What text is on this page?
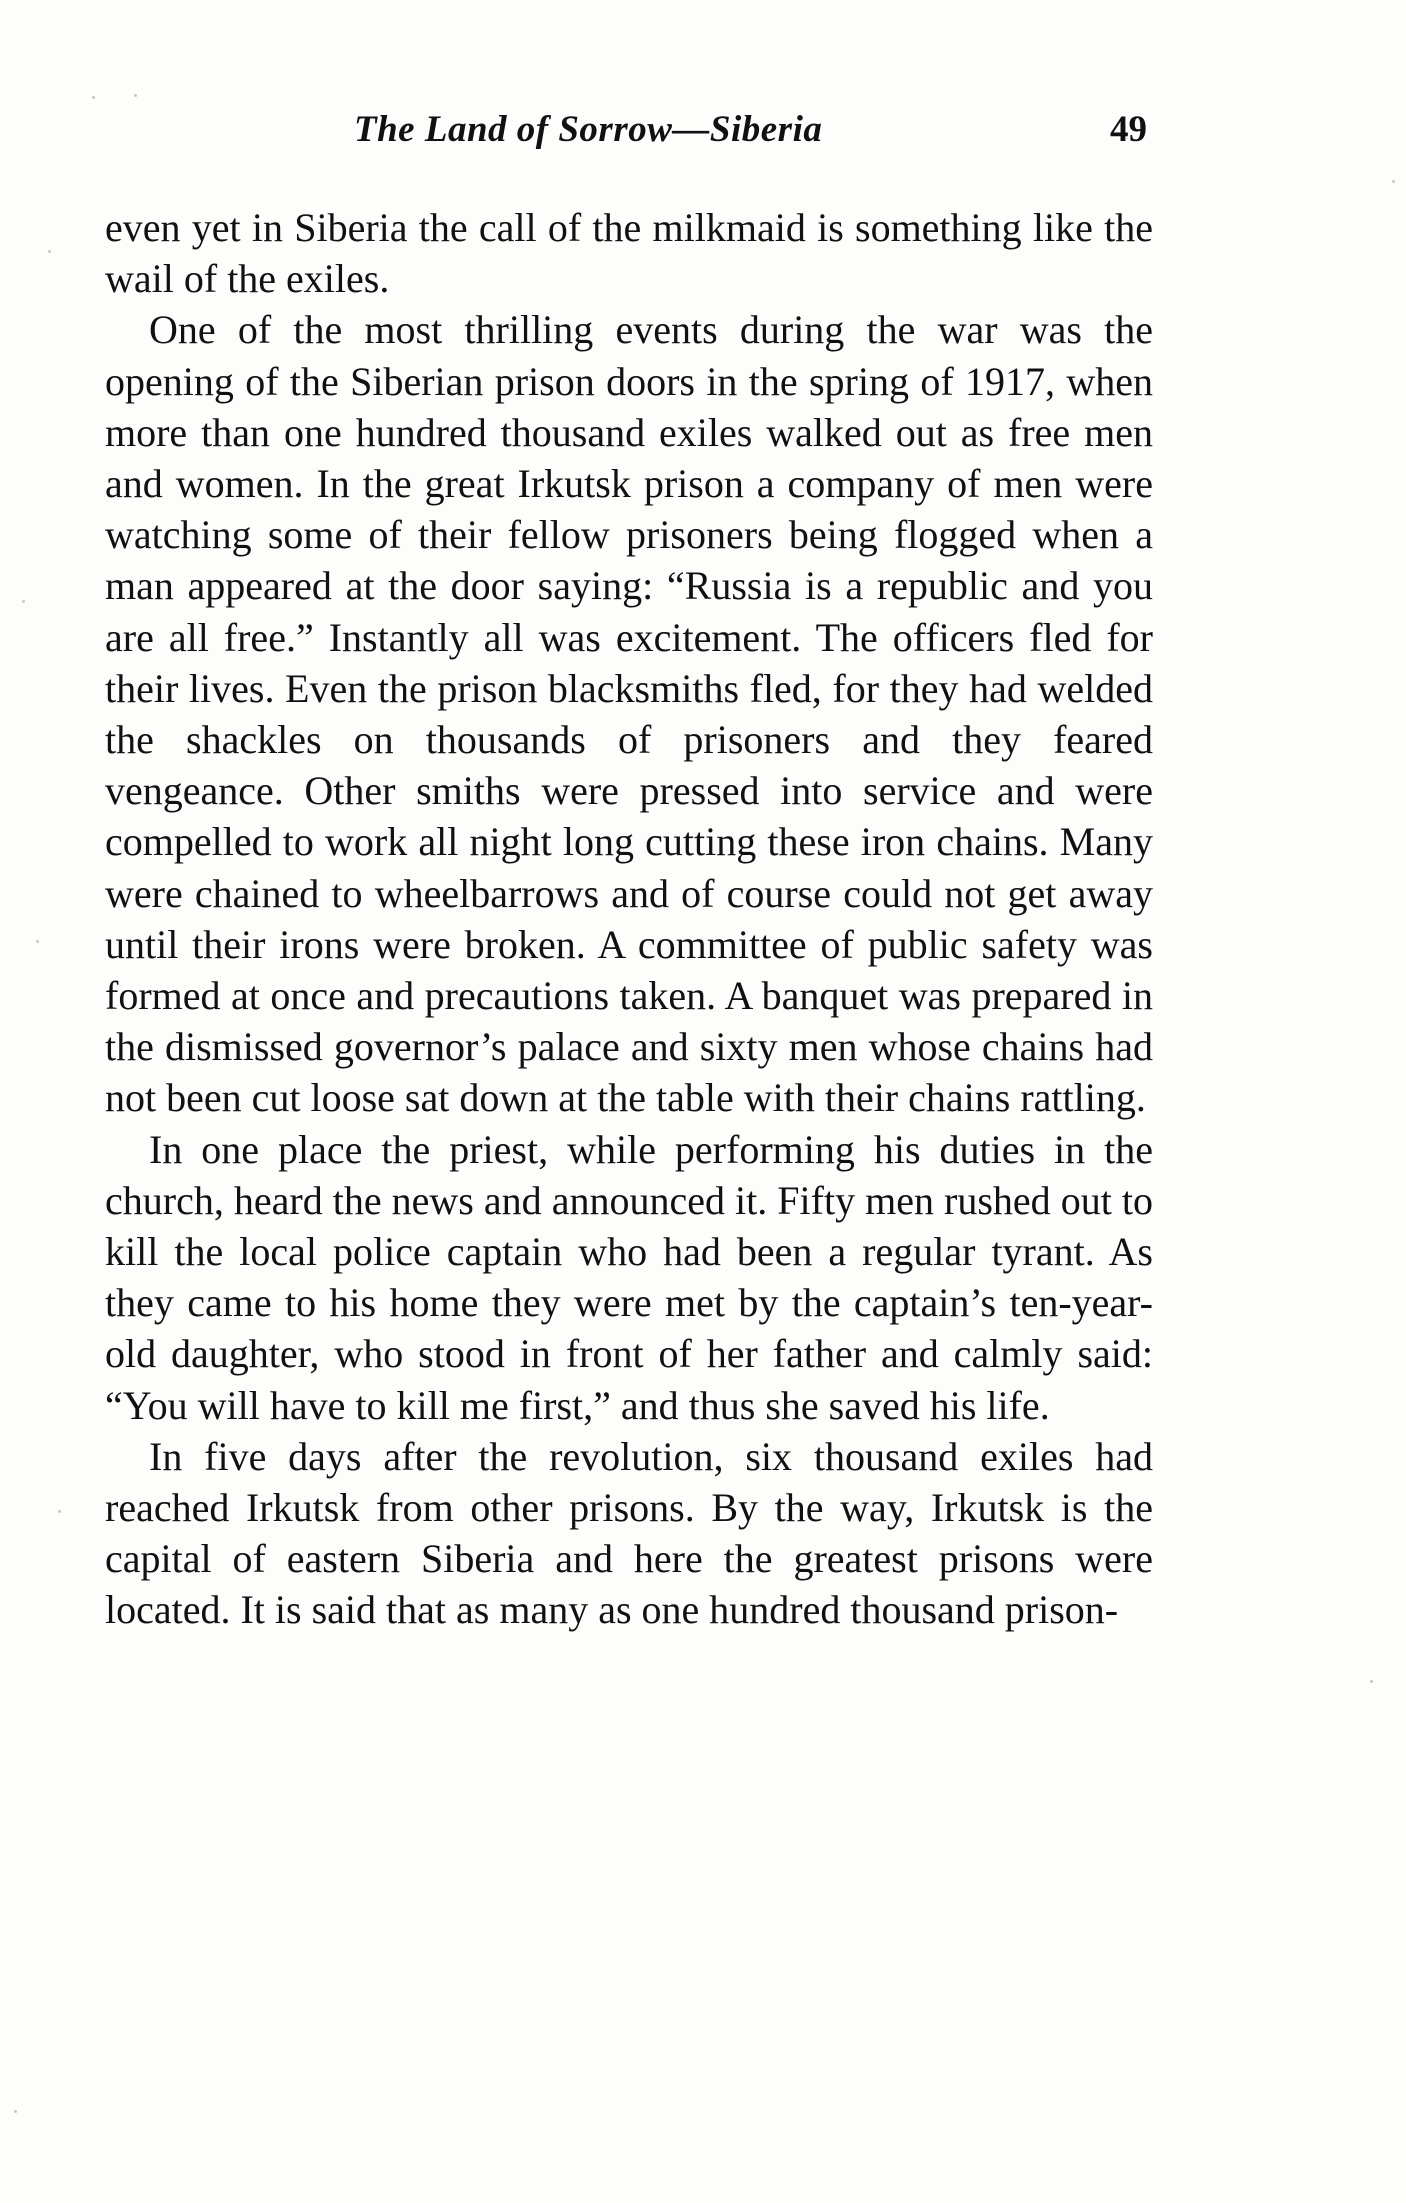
The Land of Sorrow—Siberia	49

even yet in Siberia the call of the milkmaid is something like the wail of the exiles.

One of the most thrilling events during the war was the opening of the Siberian prison doors in the spring of 1917, when more than one hundred thousand exiles walked out as free men and women. In the great Irkutsk prison a company of men were watching some of their fellow prisoners being flogged when a man appeared at the door saying: “Russia is a republic and you are all free.” Instantly all was excitement. The officers fled for their lives. Even the prison blacksmiths fled, for they had welded the shackles on thousands of prisoners and they feared vengeance. Other smiths were pressed into service and were compelled to work all night long cutting these iron chains. Many were chained to wheelbarrows and of course could not get away until their irons were broken. A committee of public safety was formed at once and precautions taken. A banquet was prepared in the dismissed governor’s palace and sixty men whose chains had not been cut loose sat down at the table with their chains rattling.

In one place the priest, while performing his duties in the church, heard the news and announced it. Fifty men rushed out to kill the local police captain who had been a regular tyrant. As they came to his home they were met by the captain’s ten-year-old daughter, who stood in front of her father and calmly said: “You will have to kill me first,” and thus she saved his life.

In five days after the revolution, six thousand exiles had reached Irkutsk from other prisons. By the way, Irkutsk is the capital of eastern Siberia and here the greatest prisons were located. It is said that as many as one hundred thousand prison-
